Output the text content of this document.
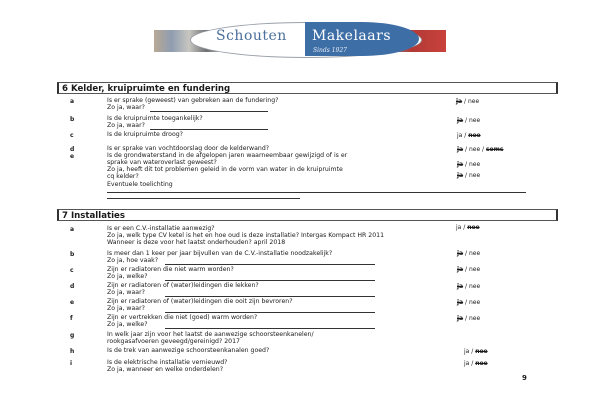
Schouten Makelaars
Sinds 1927
6 Kelder, kruipruimte en fundering
a	Is er sprake (geweest) van gebreken aan de fundering?
Zo ja, waar?
ja / nee
b	Is de kruipruimte toegankelijk?
Zo ja, waar?
ja / nee
c	Is de kruipruimte droog?	ja / nee
d	Is er sprake van vochtdoorslag door de kelderwand?	ja / nee / soms
e	Is de grondwaterstand in de afgelopen jaren waarneembaar gewijzigd of is er
sprake van wateroverlast geweest?
Zo ja, heeft dit tot problemen geleid in de vorm van water in de kruipruimte
cq kelder?
ja / nee
ja / nee
Eventuele toelichting
7 Installaties
a	Is er een C.V.-installatie aanwezig?
Zo ja, welk type CV ketel is het en hoe oud is deze installatie? Intergas Kompact HR 2011
Wanneer is deze voor het laatst onderhouden? april 2018
ja / nee
b	Is meer dan 1 keer per jaar bijvullen van de C.V.-installatie noodzakelijk?
Zo ja, hoe vaak?
ja / nee
c	Zijn er radiatoren die niet warm worden?
Zo ja, welke?
ja / nee
d	Zijn er radiatoren of (water)leidingen die lekken?
Zo ja, waar?
ja / nee
e	Zijn er radiatoren of (water)leidingen die ooit zijn bevroren?
Zo ja, waar?
ja / nee
f	Zijn er vertrekken die niet (goed) warm worden?
Zo ja, welke?
ja / nee
g	In welk jaar zijn voor het laatst de aanwezige schoorsteenkanelen/
rookgasafvoeren geveegd/gereinigd? 2017
h	Is de trek van aanwezige schoorsteenkanalen goed?	ja / nee
i	Is de elektrische installatie vernieuwd?
Zo ja, wanneer en welke onderdelen?
ja / nee
9
